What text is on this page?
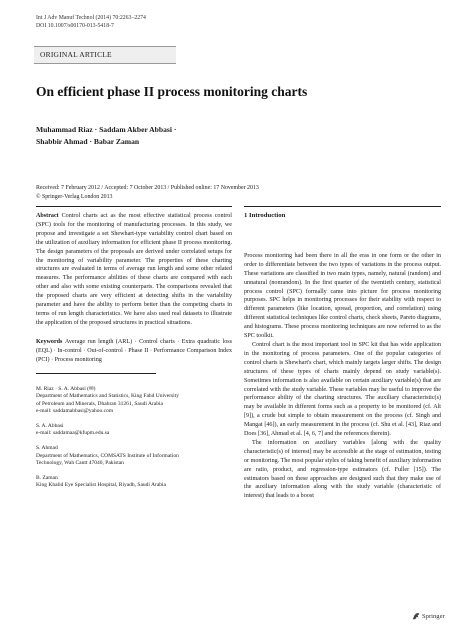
Int J Adv Manuf Technol (2014) 70:2263–2274
DOI 10.1007/s00170-013-5418-7
ORIGINAL ARTICLE
On efficient phase II process monitoring charts
Muhammad Riaz · Saddam Akber Abbasi ·
Shabbir Ahmad · Babar Zaman
Received: 7 February 2012 / Accepted: 7 October 2013 / Published online: 17 November 2013
© Springer-Verlag London 2013

Abstract Control charts act as the most effective statistical process control (SPC) tools for the monitoring of manufacturing processes. In this study, we propose and investigate a set Shewhart-type variability control chart based on the utilization of auxiliary information for efficient phase II process monitoring. The design parameters of the proposals are derived under correlated setups for the monitoring of variability parameter. The properties of these charting structures are evaluated in terms of average run length and some other related measures. The performance abilities of these charts are compared with each other and also with some existing counterparts. The comparisons revealed that the proposed charts are very efficient at detecting shifts in the variability parameter and have the ability to perform better than the competing charts in terms of run length characteristics. We have also used real datasets to illustrate the application of the proposed structures in practical situations.

Keywords Average run length (ARL) · Control charts · Extra quadratic loss (EQL) · In-control · Out-of-control · Phase II · Performance Comparison Index (PCI) · Process monitoring

M. Riaz · S. A. Abbasi (✉)
Department of Mathematics and Statistics, King Fahd University
of Petroleum and Minerals, Dhahran 31261, Saudi Arabia
e-mail: saddamabbasi@yahoo.com
S. A. Abbasi
e-mail: saddamaa@kfupm.edu.sa
S. Ahmad
Department of Mathematics, COMSATS Institute of Information
Technology, Wah Cantt 47040, Pakistan
B. Zaman
King Khalid Eye Specialist Hospital, Riyadh, Saudi Arabia
1 Introduction

Process monitoring had been there in all the eras in one form or the other in order to differentiate between the two types of variations in the process output. These variations are classified in two main types, namely, natural (random) and unnatural (nonrandom). In the first quarter of the twentieth century, statistical process control (SPC) formally came into picture for process monitoring purposes. SPC helps in monitoring processes for their stability with respect to different parameters (like location, spread, proportion, and correlation) using different statistical techniques like control charts, check sheets, Pareto diagrams, and histograms. These process monitoring techniques are now referred to as the SPC toolkit.

Control chart is the most important tool in SPC kit that has wide application in the monitoring of process parameters. One of the popular categories of control charts is Shewhart's chart, which mainly targets larger shifts. The design structures of these types of charts mainly depend on study variable(s). Sometimes information is also available on certain auxiliary variable(s) that are correlated with the study variable. These variables may be useful to improve the performance ability of the charting structures. The auxiliary characteristic(s) may be available in different forms such as a property to be monitored (cf. Alt [9]), a crude but simple to obtain measurement on the process (cf. Singh and Mangat [46]), an early measurement in the process (cf. Shu et al. [43], Riaz and Does [36], Ahmad et al. [4, 6, 7] and the references therein).

The information on auxiliary variables [along with the quality characteristic(s) of interest] may be accessible at the stage of estimation, testing or monitoring. The most popular styles of taking benefit of auxiliary information are ratio, product, and regression-type estimators (cf. Fuller [15]). The estimators based on these approaches are designed such that they make use of the auxiliary information along with the study variable (characteristic of interest) that leads to a boost

Springer
